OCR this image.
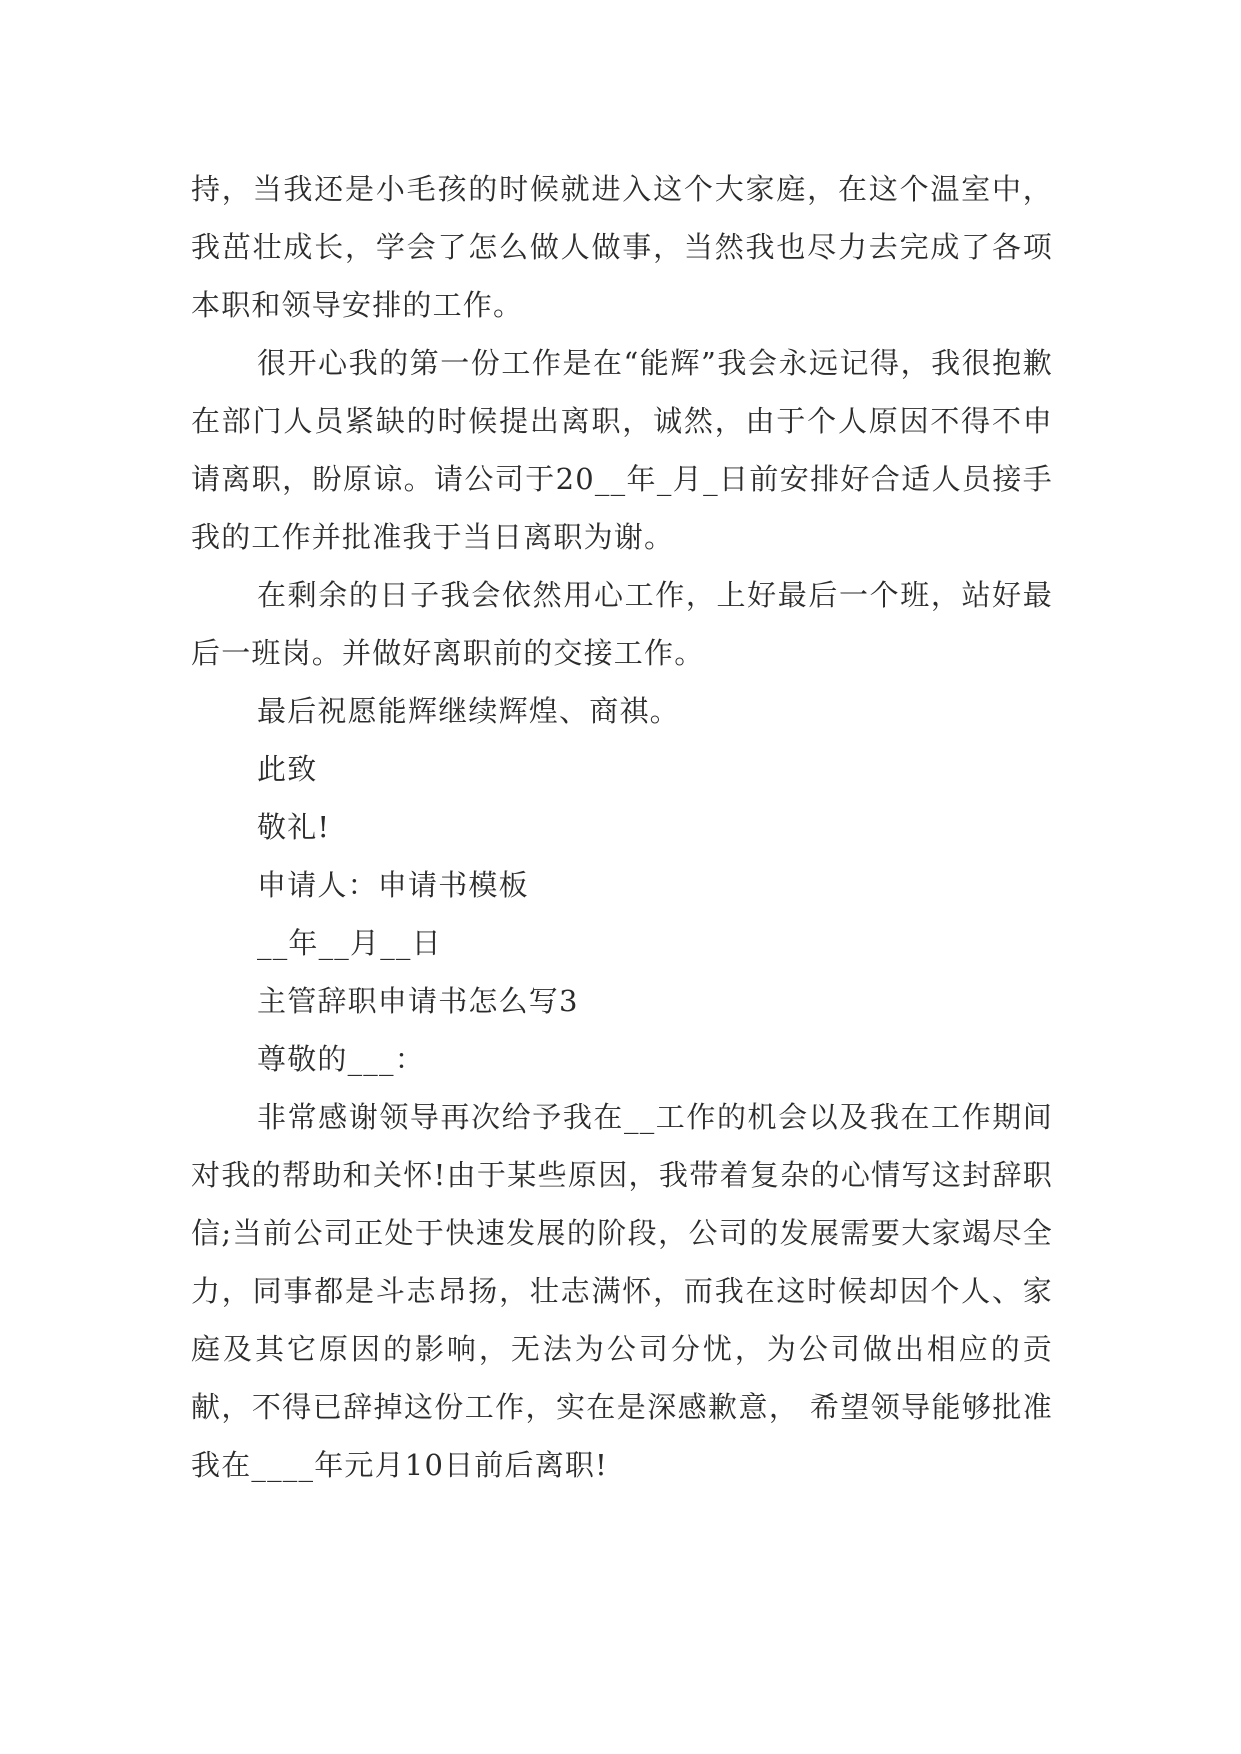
持，当我还是小毛孩的时候就进入这个大家庭，在这个温室中，我茁壮成长，学会了怎么做人做事，当然我也尽力去完成了各项本职和领导安排的工作。

很开心我的第一份工作是在“能辉”我会永远记得，我很抱歉在部门人员紧缺的时候提出离职，诚然，由于个人原因不得不申请离职，盼原谅。请公司于20__年_月_日前安排好合适人员接手我的工作并批准我于当日离职为谢。

在剩余的日子我会依然用心工作，上好最后一个班，站好最后一班岗。并做好离职前的交接工作。

最后祝愿能辉继续辉煌、商祺。

此致

敬礼!

申请人：申请书模板

__年__月__日

主管辞职申请书怎么写3

尊敬的___：

非常感谢领导再次给予我在__工作的机会以及我在工作期间对我的帮助和关怀!由于某些原因，我带着复杂的心情写这封辞职信;当前公司正处于快速发展的阶段，公司的发展需要大家竭尽全力，同事都是斗志昂扬，壮志满怀，而我在这时候却因个人、家庭及其它原因的影响，无法为公司分忧，为公司做出相应的贡献，不得已辞掉这份工作，实在是深感歉意， 希望领导能够批准我在____年元月10日前后离职!
